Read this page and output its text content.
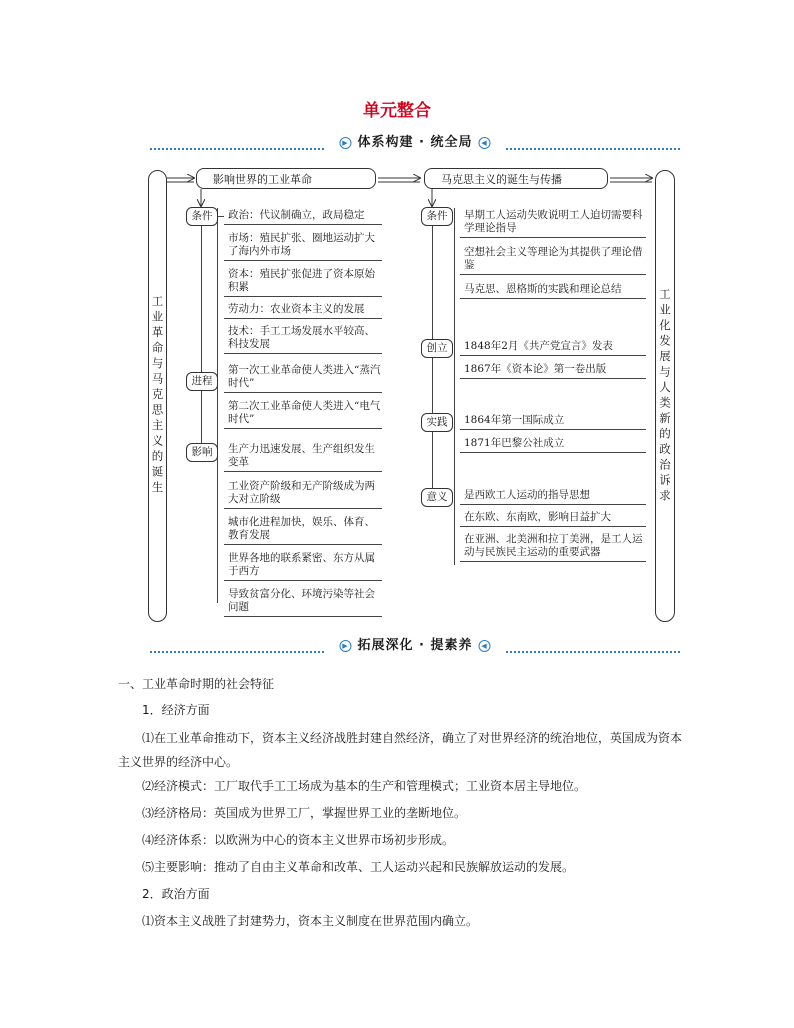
单元整合
▶ 体系构建 · 统全局 ◀
工业革命与马克思主义的诞生	工业化发展与人类新的政治诉求
影响世界的工业革命	马克思主义的诞生与传播
条件	政治：代议制确立，政局稳定
市场：殖民扩张、圈地运动扩大了海内外市场
资本：殖民扩张促进了资本原始积累
劳动力：农业资本主义的发展
技术：手工工场发展水平较高、科技发展
进程
第一次工业革命使人类进入“蒸汽时代”
第二次工业革命使人类进入“电气时代”
影响	生产力迅速发展、生产组织发生变革
工业资产阶级和无产阶级成为两大对立阶级
城市化进程加快，娱乐、体育、教育发展
世界各地的联系紧密、东方从属于西方
导致贫富分化、环境污染等社会问题
条件	早期工人运动失败说明工人迫切需要科学理论指导
空想社会主义等理论为其提供了理论借鉴
马克思、恩格斯的实践和理论总结
创立	1848年2月《共产党宣言》发表
1867年《资本论》第一卷出版
实践	1864年第一国际成立
1871年巴黎公社成立
意义	是西欧工人运动的指导思想
在东欧、东南欧，影响日益扩大
在亚洲、北美洲和拉丁美洲，是工人运动与民族民主运动的重要武器
▶ 拓展深化 · 提素养 ◀
一、工业革命时期的社会特征
1．经济方面
⑴在工业革命推动下，资本主义经济战胜封建自然经济，确立了对世界经济的统治地位，英国成为资本主义世界的经济中心。
⑵经济模式：工厂取代手工工场成为基本的生产和管理模式；工业资本居主导地位。
⑶经济格局：英国成为世界工厂，掌握世界工业的垄断地位。
⑷经济体系：以欧洲为中心的资本主义世界市场初步形成。
⑸主要影响：推动了自由主义革命和改革、工人运动兴起和民族解放运动的发展。
2．政治方面
⑴资本主义战胜了封建势力，资本主义制度在世界范围内确立。
